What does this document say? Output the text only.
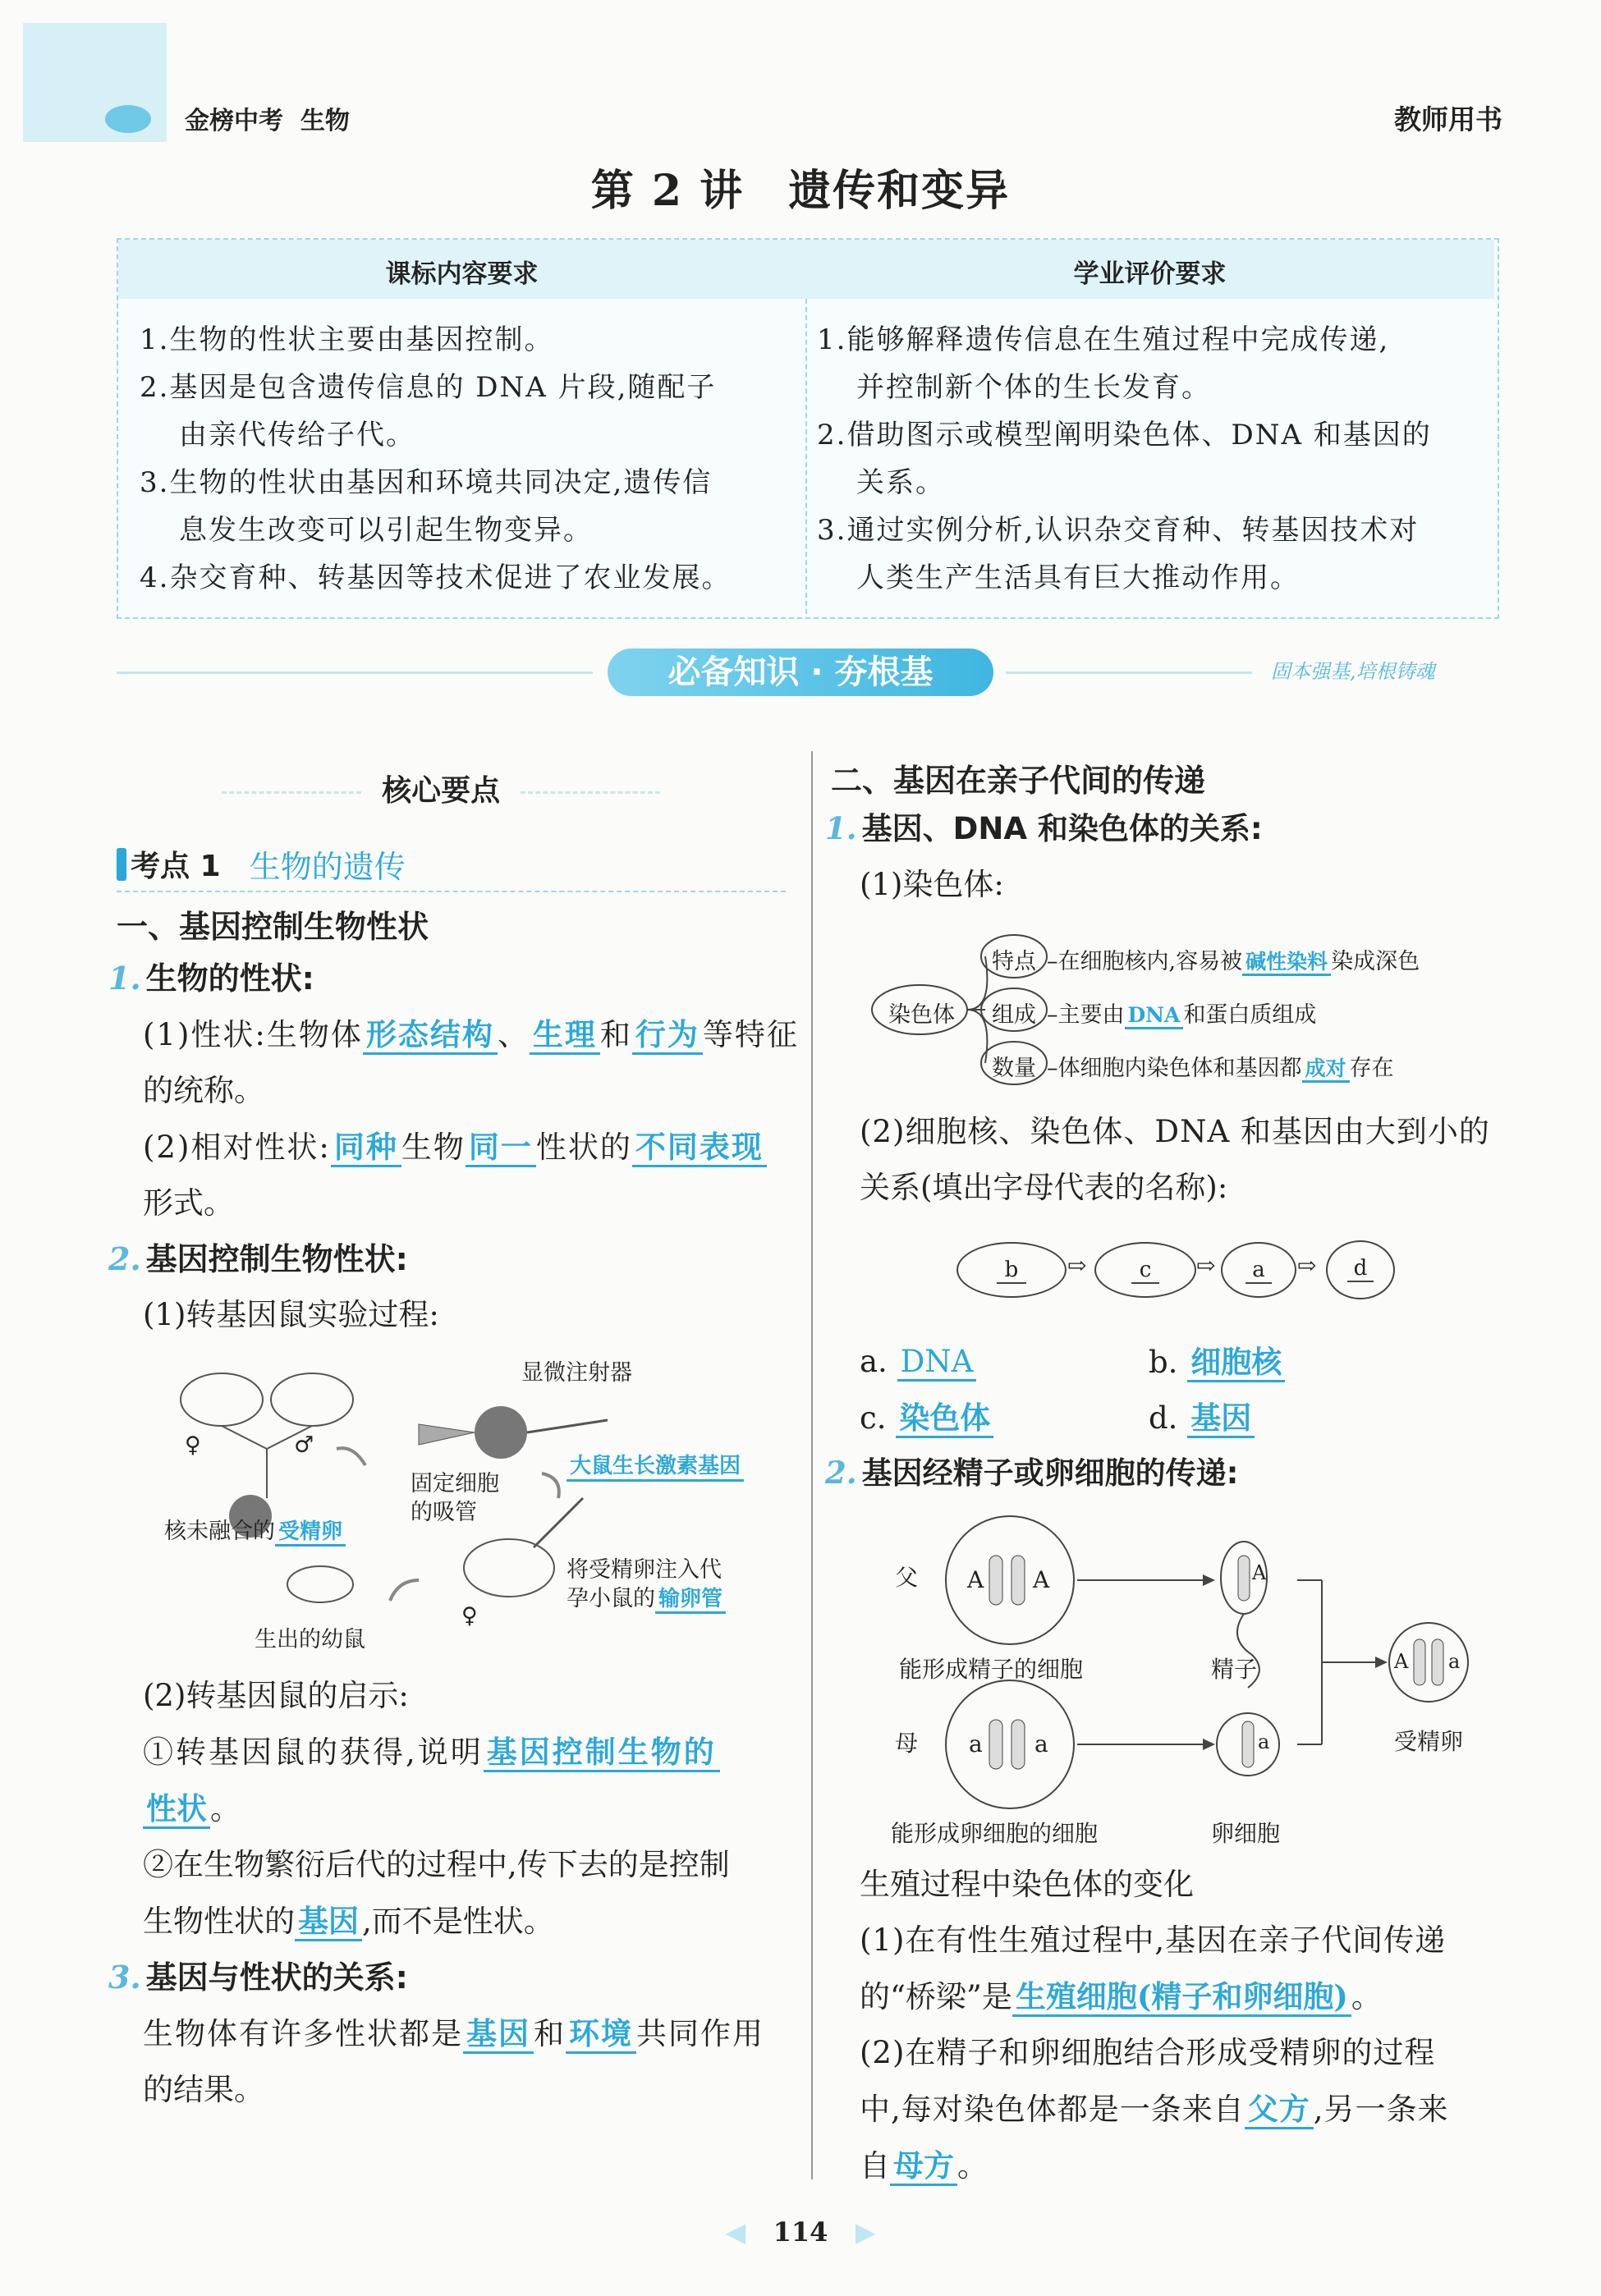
金榜中考 生物	教师用书
第 2 讲　遗传和变异
课标内容要求	学业评价要求
1.生物的性状主要由基因控制。
2.基因是包含遗传信息的 DNA 片段,随配子
由亲代传给子代。
3.生物的性状由基因和环境共同决定,遗传信
息发生改变可以引起生物变异。
4.杂交育种、转基因等技术促进了农业发展。
1.能够解释遗传信息在生殖过程中完成传递,
并控制新个体的生长发育。
2.借助图示或模型阐明染色体、DNA 和基因的
关系。
3.通过实例分析,认识杂交育种、转基因技术对
人类生产生活具有巨大推动作用。
必备知识 · 夯根基	固本强基,培根铸魂
核心要点
考点 1 生物的遗传
一、基因控制生物性状
1. 生物的性状:
(1)性状:生物体 形态结构 、 生理 和 行为 等特征
的统称。
(2)相对性状: 同种 生物 同一 性状的 不同表现
形式。
2. 基因控制生物性状:
(1)转基因鼠实验过程:
♀	♂
显微注射器
大鼠生长激素基因
固定细胞
的吸管
核未融合的 受精卵
将受精卵注入代
孕小鼠的 输卵管
♀
生出的幼鼠
(2)转基因鼠的启示:
①转基因鼠的获得,说明 基因控制生物的
性状 。
②在生物繁衍后代的过程中,传下去的是控制
生物性状的 基因 ,而不是性状。
3. 基因与性状的关系:
生物体有许多性状都是 基因 和 环境 共同作用
的结果。
二、基因在亲子代间的传递
1. 基因、DNA 和染色体的关系:
(1)染色体:
染色体
特点
组成
数量
–在细胞核内,容易被 碱性染料 染成深色
–主要由 DNA 和蛋白质组成
–体细胞内染色体和基因都 成对 存在
(2)细胞核、染色体、DNA 和基因由大到小的
关系(填出字母代表的名称):
b	⇨	c	⇨	a	⇨	d
a. DNA	b. 细胞核
c. 染色体	d. 基因
2. 基因经精子或卵细胞的传递:
父 A A	A
能形成精子的细胞	精子
母 a a	a
能形成卵细胞的细胞	卵细胞
A a
受精卵
生殖过程中染色体的变化
(1)在有性生殖过程中,基因在亲子代间传递
的“桥梁”是 生殖细胞(精子和卵细胞) 。
(2)在精子和卵细胞结合形成受精卵的过程
中,每对染色体都是一条来自 父方 ,另一条来
自 母方 。
◀ 114 ▶
